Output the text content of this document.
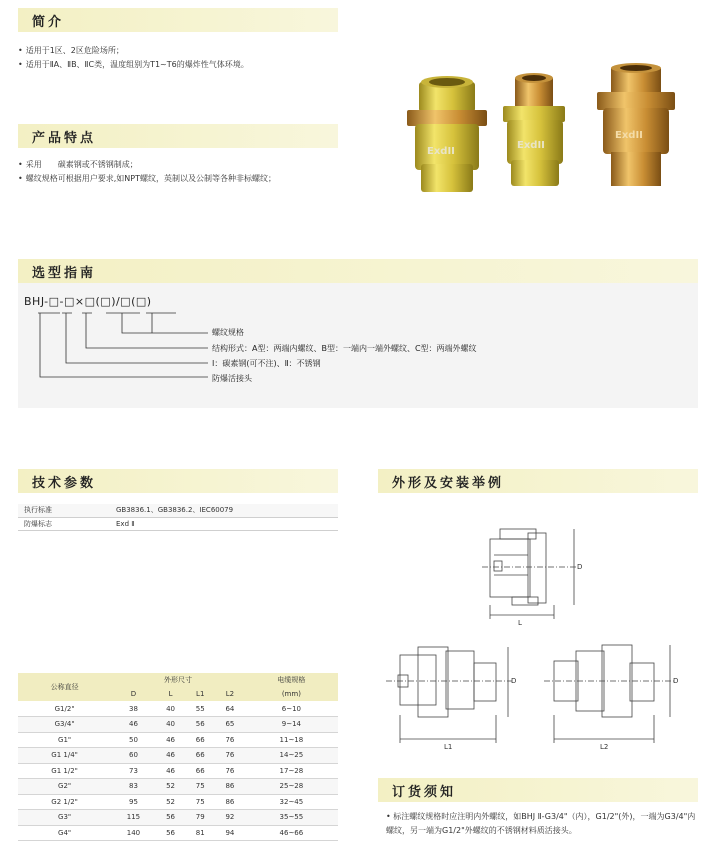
简介
• 适用于1区、2区危险场所；
• 适用于ⅡA、ⅡB、ⅡC类，温度组别为T1~T6的爆炸性气体环境。
产品特点
• 采用　　碳素钢或不锈钢制成；
• 螺纹规格可根据用户要求,如NPT螺纹，英制以及公制等各种非标螺纹；
ExdII
ExdII
ExdII
选型指南
BHJ-□-□×□(□)/□(□)
螺纹规格
结构形式：A型：两端内螺纹、B型：一端内一端外螺纹、C型：两端外螺纹
Ⅰ：碳素钢(可不注)、Ⅱ：不锈钢
防爆活接头
技术参数
执行标准	GB3836.1、GB3836.2、IEC60079
防爆标志	Exd Ⅱ
公称直径	外形尺寸				电缆规格
	D	L	L1	L2	(mm)
G1/2"	38	40	55	64	6~10
G3/4"	46	40	56	65	9~14
G1"	50	46	66	76	11~18
G1 1/4"	60	46	66	76	14~25
G1 1/2"	73	46	66	76	17~28
G2"	83	52	75	86	25~28
G2 1/2"	95	52	75	86	32~45
G3"	115	56	79	92	35~55
G4"	140	56	81	94	46~66
外形及安装举例
L
D
L1
D
L2
D
订货须知
• 标注螺纹规格时应注明内外螺纹，如BHJ Ⅱ-G3/4"（内），G1/2"(外)，一端为G3/4"内螺纹，另一端为G1/2"外螺纹的不锈钢材料质活接头。
